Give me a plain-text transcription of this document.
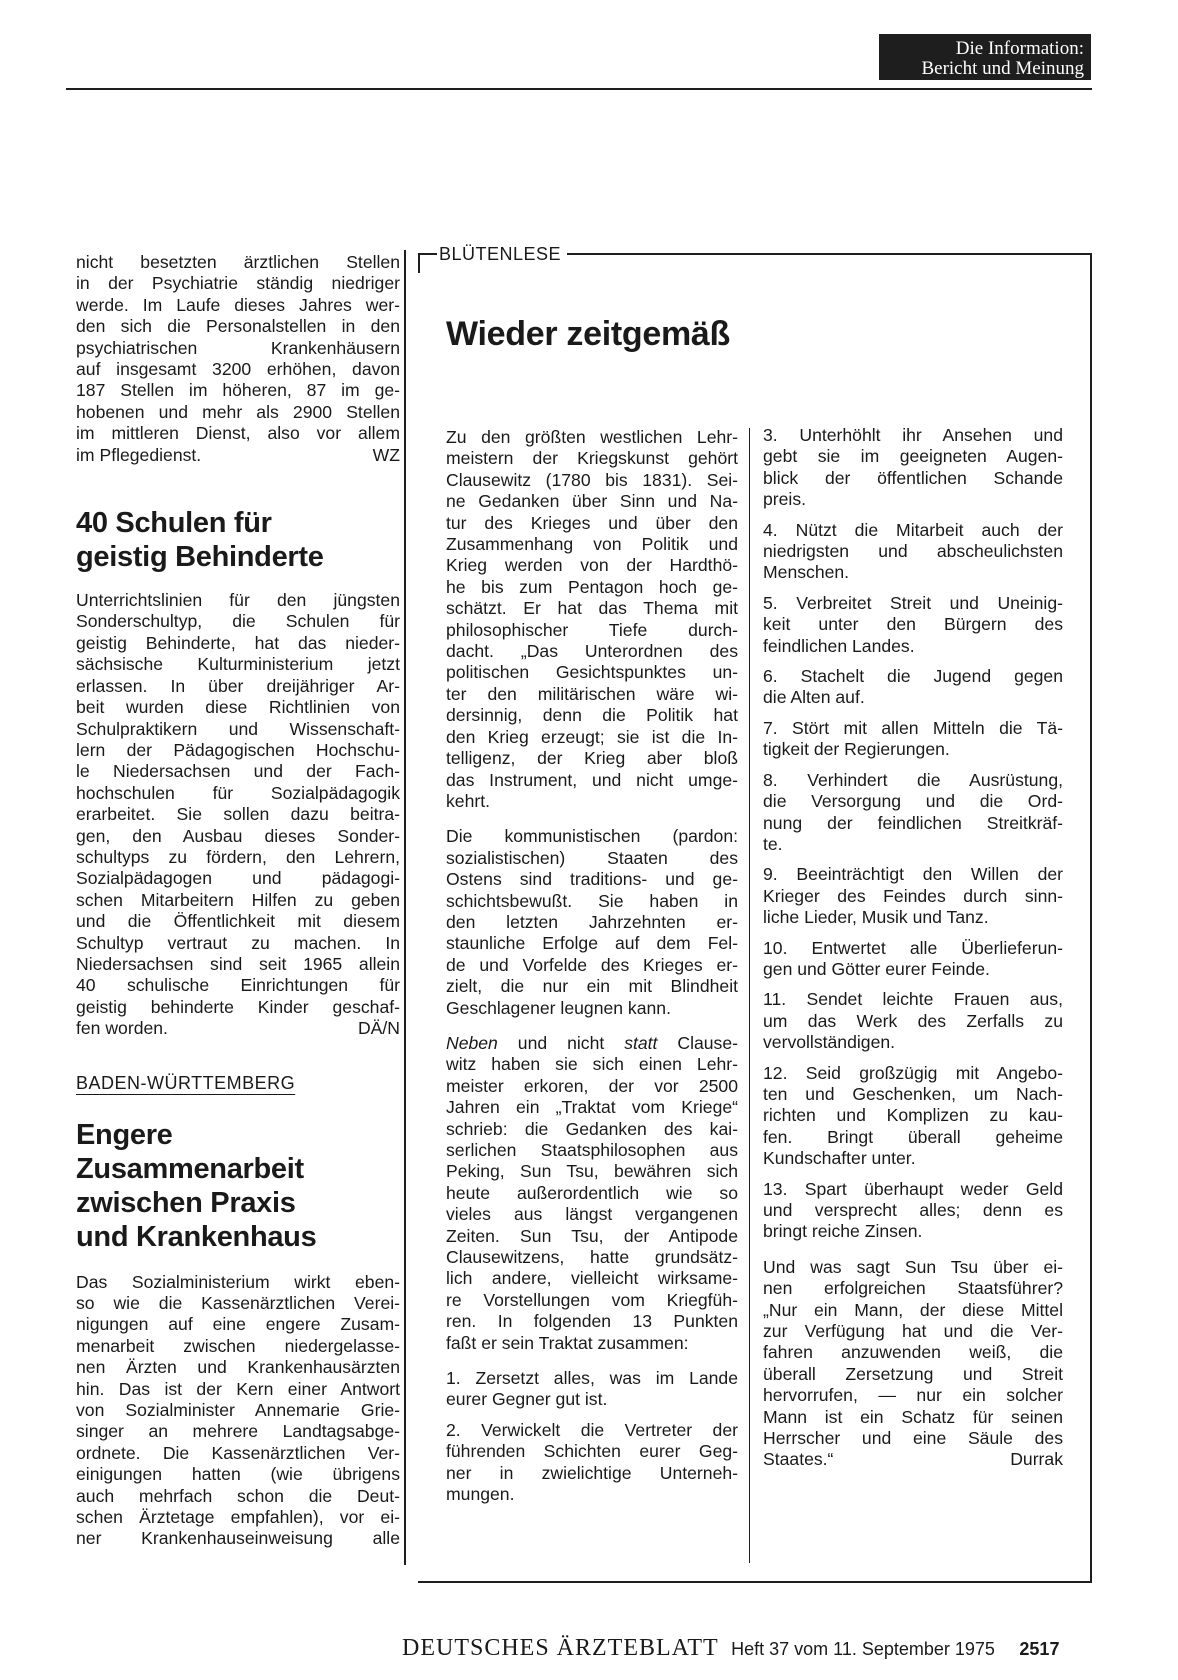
Die Information:
Bericht und Meinung

nicht besetzten ärztlichen Stellen

in der Psychiatrie ständig niedriger

werde. Im Laufe dieses Jahres wer-

den sich die Personalstellen in den

psychiatrischen Krankenhäusern

auf insgesamt 3200 erhöhen, davon

187 Stellen im höheren, 87 im ge-

hobenen und mehr als 2900 Stellen

im mittleren Dienst, also vor allem

im Pflegedienst.	WZ

40 Schulen für
geistig Behinderte

Unterrichtslinien für den jüngsten

Sonderschultyp, die Schulen für

geistig Behinderte, hat das nieder-

sächsische Kulturministerium jetzt

erlassen. In über dreijähriger Ar-

beit wurden diese Richtlinien von

Schulpraktikern und Wissenschaft-

lern der Pädagogischen Hochschu-

le Niedersachsen und der Fach-

hochschulen für Sozialpädagogik

erarbeitet. Sie sollen dazu beitra-

gen, den Ausbau dieses Sonder-

schultyps zu fördern, den Lehrern,

Sozialpädagogen und pädagogi-

schen Mitarbeitern Hilfen zu geben

und die Öffentlichkeit mit diesem

Schultyp vertraut zu machen. In

Niedersachsen sind seit 1965 allein

40 schulische Einrichtungen für

geistig behinderte Kinder geschaf-

fen worden.	DÄ/N

BADEN-WÜRTTEMBERG

Engere
Zusammenarbeit
zwischen Praxis
und Krankenhaus

Das Sozialministerium wirkt eben-

so wie die Kassenärztlichen Verei-

nigungen auf eine engere Zusam-

menarbeit zwischen niedergelasse-

nen Ärzten und Krankenhausärzten

hin. Das ist der Kern einer Antwort

von Sozialminister Annemarie Grie-

singer an mehrere Landtagsabge-

ordnete. Die Kassenärztlichen Ver-

einigungen hatten (wie übrigens

auch mehrfach schon die Deut-

schen Ärztetage empfahlen), vor ei-

ner Krankenhauseinweisung alle

BLÜTENLESE
Wieder zeitgemäß

Zu den größten westlichen Lehr-

meistern der Kriegskunst gehört

Clausewitz (1780 bis 1831). Sei-

ne Gedanken über Sinn und Na-

tur des Krieges und über den

Zusammenhang von Politik und

Krieg werden von der Hardthö-

he bis zum Pentagon hoch ge-

schätzt. Er hat das Thema mit

philosophischer Tiefe durch-

dacht. „Das Unterordnen des

politischen Gesichtspunktes un-

ter den militärischen wäre wi-

dersinnig, denn die Politik hat

den Krieg erzeugt; sie ist die In-

telligenz, der Krieg aber bloß

das Instrument, und nicht umge-

kehrt.

Die kommunistischen (pardon:

sozialistischen) Staaten des

Ostens sind traditions- und ge-

schichtsbewußt. Sie haben in

den letzten Jahrzehnten er-

staunliche Erfolge auf dem Fel-

de und Vorfelde des Krieges er-

zielt, die nur ein mit Blindheit

Geschlagener leugnen kann.

Neben und nicht statt Clause-

witz haben sie sich einen Lehr-

meister erkoren, der vor 2500

Jahren ein „Traktat vom Kriege“

schrieb: die Gedanken des kai-

serlichen Staatsphilosophen aus

Peking, Sun Tsu, bewähren sich

heute außerordentlich wie so

vieles aus längst vergangenen

Zeiten. Sun Tsu, der Antipode

Clausewitzens, hatte grundsätz-

lich andere, vielleicht wirksame-

re Vorstellungen vom Kriegfüh-

ren. In folgenden 13 Punkten

faßt er sein Traktat zusammen:

1. Zersetzt alles, was im Lande

eurer Gegner gut ist.

2. Verwickelt die Vertreter der

führenden Schichten eurer Geg-

ner in zwielichtige Unterneh-

mungen.

3. Unterhöhlt ihr Ansehen und

gebt sie im geeigneten Augen-

blick der öffentlichen Schande

preis.

4. Nützt die Mitarbeit auch der

niedrigsten und abscheulichsten

Menschen.

5. Verbreitet Streit und Uneinig-

keit unter den Bürgern des

feindlichen Landes.

6. Stachelt die Jugend gegen

die Alten auf.

7. Stört mit allen Mitteln die Tä-

tigkeit der Regierungen.

8. Verhindert die Ausrüstung,

die Versorgung und die Ord-

nung der feindlichen Streitkräf-

te.

9. Beeinträchtigt den Willen der

Krieger des Feindes durch sinn-

liche Lieder, Musik und Tanz.

10. Entwertet alle Überlieferun-

gen und Götter eurer Feinde.

11. Sendet leichte Frauen aus,

um das Werk des Zerfalls zu

vervollständigen.

12. Seid großzügig mit Angebo-

ten und Geschenken, um Nach-

richten und Komplizen zu kau-

fen. Bringt überall geheime

Kundschafter unter.

13. Spart überhaupt weder Geld

und versprecht alles; denn es

bringt reiche Zinsen.

Und was sagt Sun Tsu über ei-

nen erfolgreichen Staatsführer?

„Nur ein Mann, der diese Mittel

zur Verfügung hat und die Ver-

fahren anzuwenden weiß, die

überall Zersetzung und Streit

hervorrufen, — nur ein solcher

Mann ist ein Schatz für seinen

Herrscher und eine Säule des

Staates.“	Durrak

DEUTSCHES ÄRZTEBLATT Heft 37 vom 11. September 1975 2517
